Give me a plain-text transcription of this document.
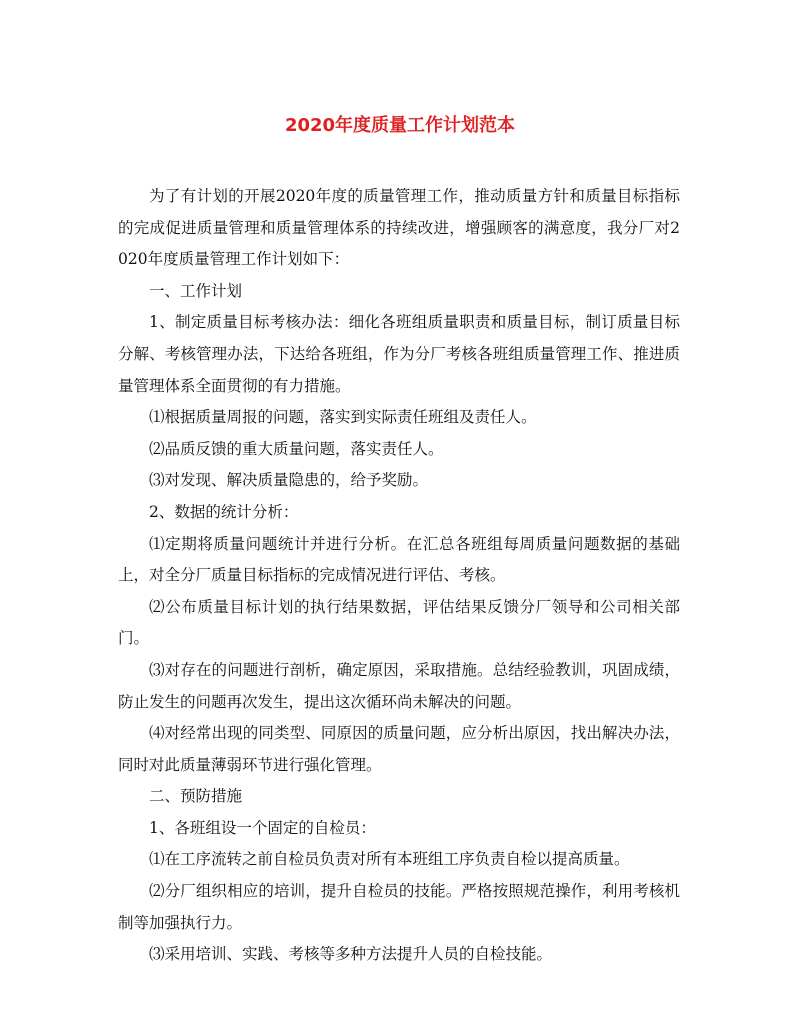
2020年度质量工作计划范本

为了有计划的开展2020年度的质量管理工作，推动质量方针和质量目标指标的完成促进质量管理和质量管理体系的持续改进，增强顾客的满意度，我分厂对2020年度质量管理工作计划如下：

一、工作计划

1、制定质量目标考核办法：细化各班组质量职责和质量目标，制订质量目标分解、考核管理办法，下达给各班组，作为分厂考核各班组质量管理工作、推进质量管理体系全面贯彻的有力措施。

⑴根据质量周报的问题，落实到实际责任班组及责任人。

⑵品质反馈的重大质量问题，落实责任人。

⑶对发现、解决质量隐患的，给予奖励。

2、数据的统计分析：

⑴定期将质量问题统计并进行分析。在汇总各班组每周质量问题数据的基础上，对全分厂质量目标指标的完成情况进行评估、考核。

⑵公布质量目标计划的执行结果数据，评估结果反馈分厂领导和公司相关部门。

⑶对存在的问题进行剖析，确定原因，采取措施。总结经验教训，巩固成绩，防止发生的问题再次发生，提出这次循环尚未解决的问题。

⑷对经常出现的同类型、同原因的质量问题，应分析出原因，找出解决办法，同时对此质量薄弱环节进行强化管理。

二、预防措施

1、各班组设一个固定的自检员：

⑴在工序流转之前自检员负责对所有本班组工序负责自检以提高质量。

⑵分厂组织相应的培训，提升自检员的技能。严格按照规范操作，利用考核机制等加强执行力。

⑶采用培训、实践、考核等多种方法提升人员的自检技能。
